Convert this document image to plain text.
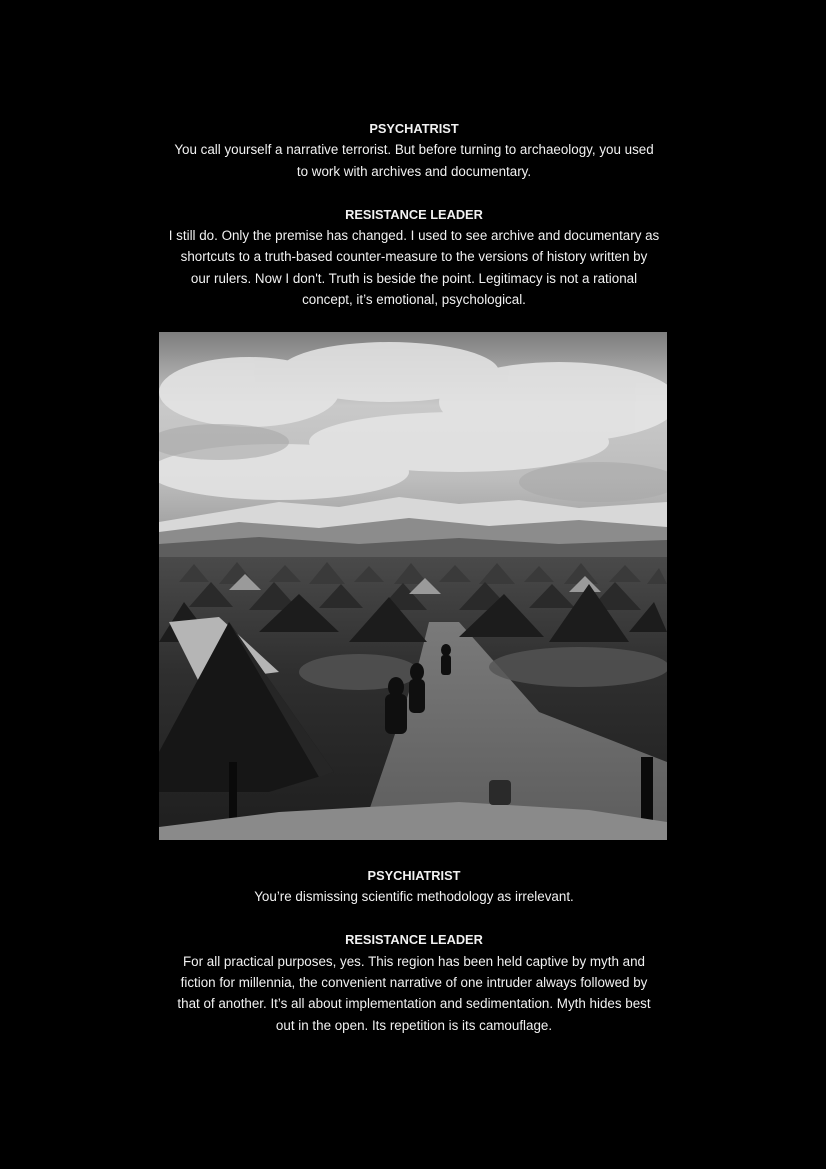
PSYCHATRIST
You call yourself a narrative terrorist. But before turning to archaeology, you used
to work with archives and documentary.
RESISTANCE LEADER
I still do. Only the premise has changed. I used to see archive and documentary as
shortcuts to a truth-based counter-measure to the versions of history written by
our rulers. Now I don't. Truth is beside the point. Legitimacy is not a rational
concept, it’s emotional, psychological.
PSYCHIATRIST
You’re dismissing scientific methodology as irrelevant.
RESISTANCE LEADER
For all practical purposes, yes. This region has been held captive by myth and
fiction for millennia, the convenient narrative of one intruder always followed by
that of another. It’s all about implementation and sedimentation. Myth hides best
out in the open. Its repetition is its camouflage.
